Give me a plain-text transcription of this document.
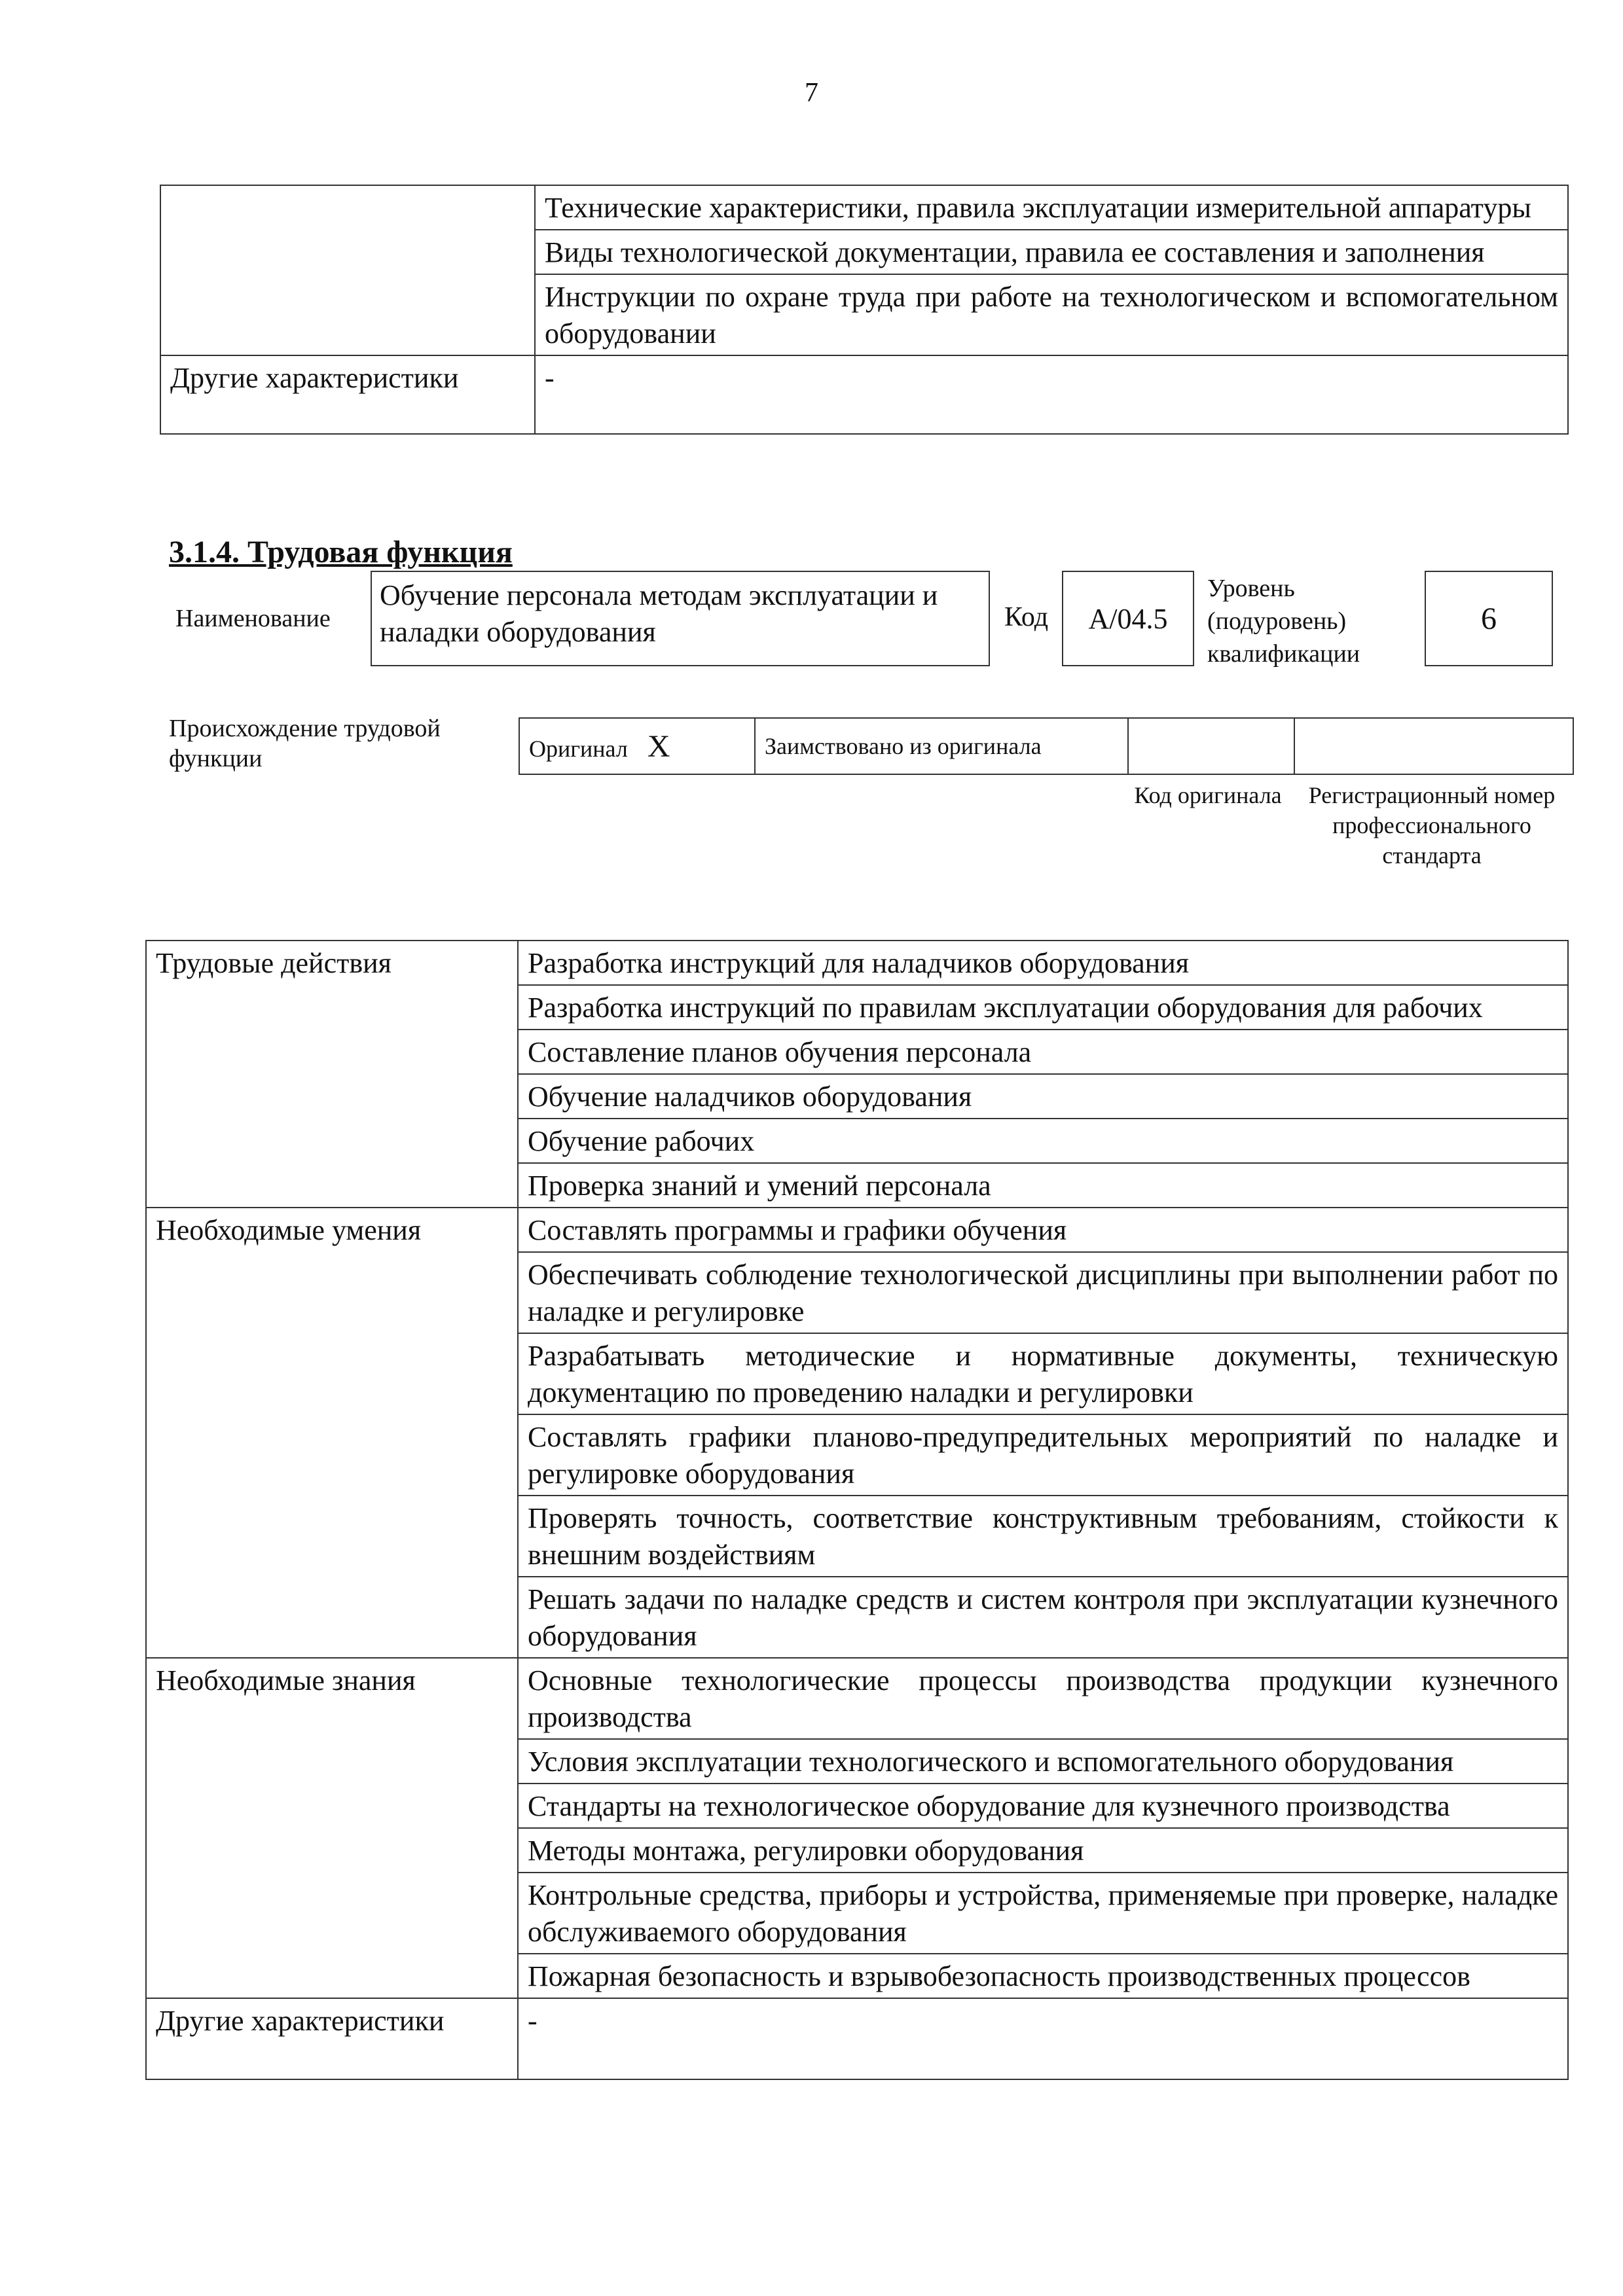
7
	Технические характеристики, правила эксплуатации измерительной аппаратуры
	Виды технологической документации, правила ее составления и заполнения
	Инструкции по охране труда при работе на технологическом и вспомогательном оборудовании
Другие характеристики	-
3.1.4. Трудовая функция
Наименование
Обучение персонала методам эксплуатации и наладки оборудования	Код A/04.5
Уровень (подуровень) квалификации
6
Происхождение трудовой функции	Оригинал X	Заимствовано из оригинала		
Код оригинала	Регистрационный номер профессионального стандарта
Трудовые действия	Разработка инструкций для наладчиков оборудования
	Разработка инструкций по правилам эксплуатации оборудования для рабочих
	Составление планов обучения персонала
	Обучение наладчиков оборудования
	Обучение рабочих
	Проверка знаний и умений персонала
Необходимые умения	Составлять программы и графики обучения
	Обеспечивать соблюдение технологической дисциплины при выполнении работ по наладке и регулировке
	Разрабатывать методические и нормативные документы, техническую документацию по проведению наладки и регулировки
	Составлять графики планово-предупредительных мероприятий по наладке и регулировке оборудования
	Проверять точность, соответствие конструктивным требованиям, стойкости к внешним воздействиям
	Решать задачи по наладке средств и систем контроля при эксплуатации кузнечного оборудования
Необходимые знания	Основные технологические процессы производства продукции кузнечного производства
	Условия эксплуатации технологического и вспомогательного оборудования
	Стандарты на технологическое оборудование для кузнечного производства
	Методы монтажа, регулировки оборудования
	Контрольные средства, приборы и устройства, применяемые при проверке, наладке обслуживаемого оборудования
	Пожарная безопасность и взрывобезопасность производственных процессов
Другие характеристики	-
